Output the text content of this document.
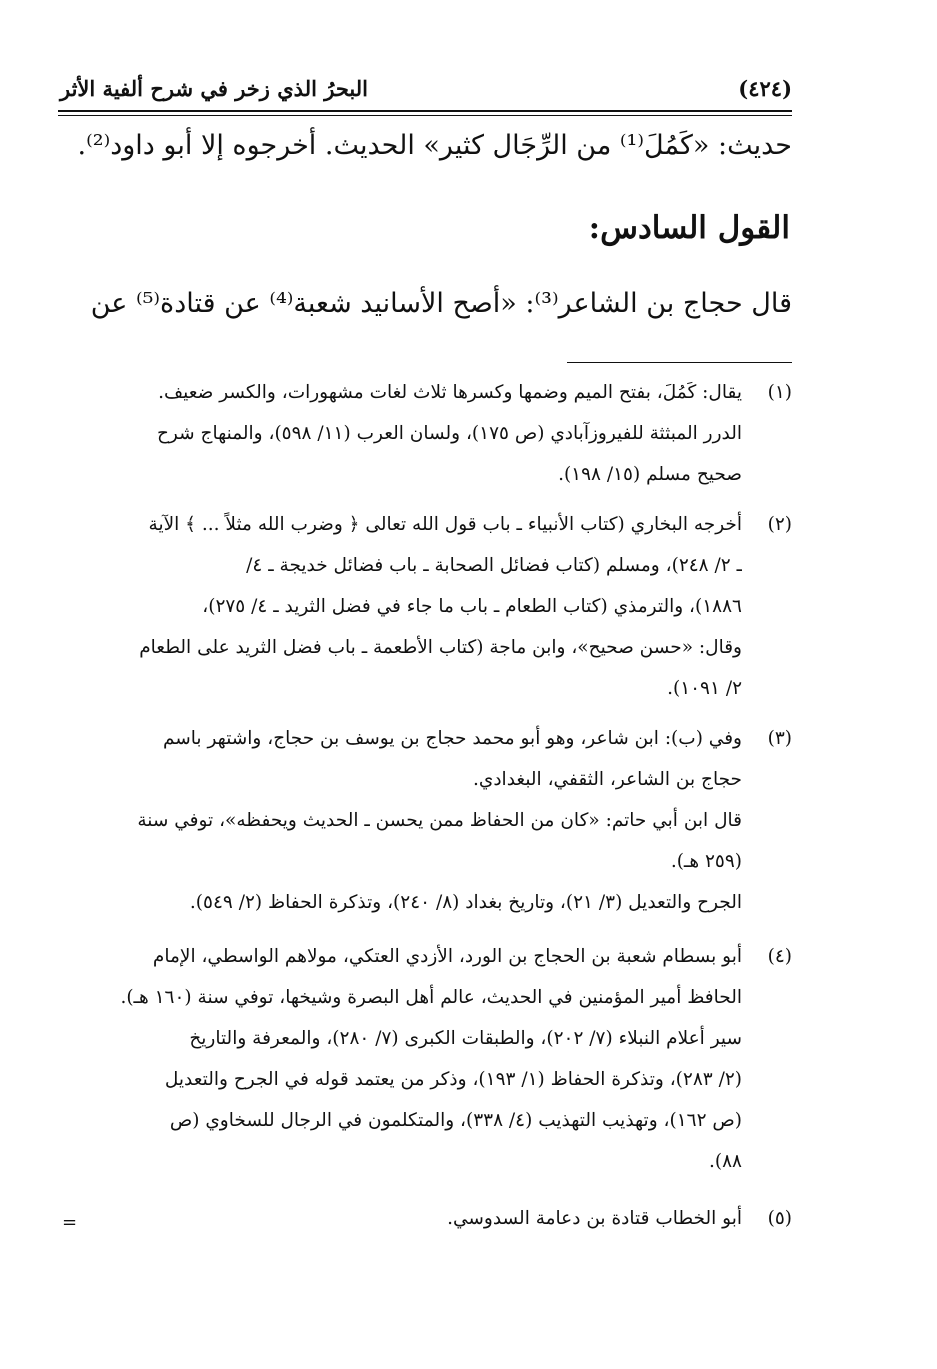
(٤٢٤)
البحرُ الذي زخر في شرح ألفية الأثر
حديث: «كَمُلَ⁽¹⁾ من الرِّجَال كثير» الحديث. أخرجوه إلا أبو داود⁽²⁾.
القول السادس:
قال حجاج بن الشاعر⁽³⁾: «أصح الأسانيد شعبة⁽⁴⁾ عن قتادة⁽⁵⁾ عن
(١)
يقال: كَمُلَ، بفتح الميم وضمها وكسرها ثلاث لغات مشهورات، والكسر ضعيف.
الدرر المبثثة للفيروزآبادي (ص ١٧٥)، ولسان العرب (١١/ ٥٩٨)، والمنهاج شرح
صحيح مسلم (١٥/ ١٩٨).
(٢)
أخرجه البخاري (كتاب الأنبياء ـ باب قول الله تعالى ﴿ وضرب الله مثلاً ... ﴾ الآية
ـ ٢/ ٢٤٨)، ومسلم (كتاب فضائل الصحابة ـ باب فضائل خديجة ـ ٤/
١٨٨٦)، والترمذي (كتاب الطعام ـ باب ما جاء في فضل الثريد ـ ٤/ ٢٧٥)،
وقال: «حسن صحيح»، وابن ماجة (كتاب الأطعمة ـ باب فضل الثريد على الطعام
٢/ ١٠٩١).
(٣)
وفي (ب): ابن شاعر، وهو أبو محمد حجاج بن يوسف بن حجاج، واشتهر باسم
حجاج بن الشاعر، الثقفي، البغدادي.
قال ابن أبي حاتم: «كان من الحفاظ ممن يحسن ـ الحديث ويحفظه»، توفي سنة
(٢٥٩ هـ).
الجرح والتعديل (٣/ ٢١)، وتاريخ بغداد (٨/ ٢٤٠)، وتذكرة الحفاظ (٢/ ٥٤٩).
(٤)
أبو بسطام شعبة بن الحجاج بن الورد، الأزدي العتكي، مولاهم الواسطي، الإمام
الحافظ أمير المؤمنين في الحديث، عالم أهل البصرة وشيخها، توفي سنة (١٦٠ هـ).
سير أعلام النبلاء (٧/ ٢٠٢)، والطبقات الكبرى (٧/ ٢٨٠)، والمعرفة والتاريخ
(٢/ ٢٨٣)، وتذكرة الحفاظ (١/ ١٩٣)، وذكر من يعتمد قوله في الجرح والتعديل
(ص ١٦٢)، وتهذيب التهذيب (٤/ ٣٣٨)، والمتكلمون في الرجال للسخاوي (ص
٨٨).
(٥)
أبو الخطاب قتادة بن دعامة السدوسي.
=
